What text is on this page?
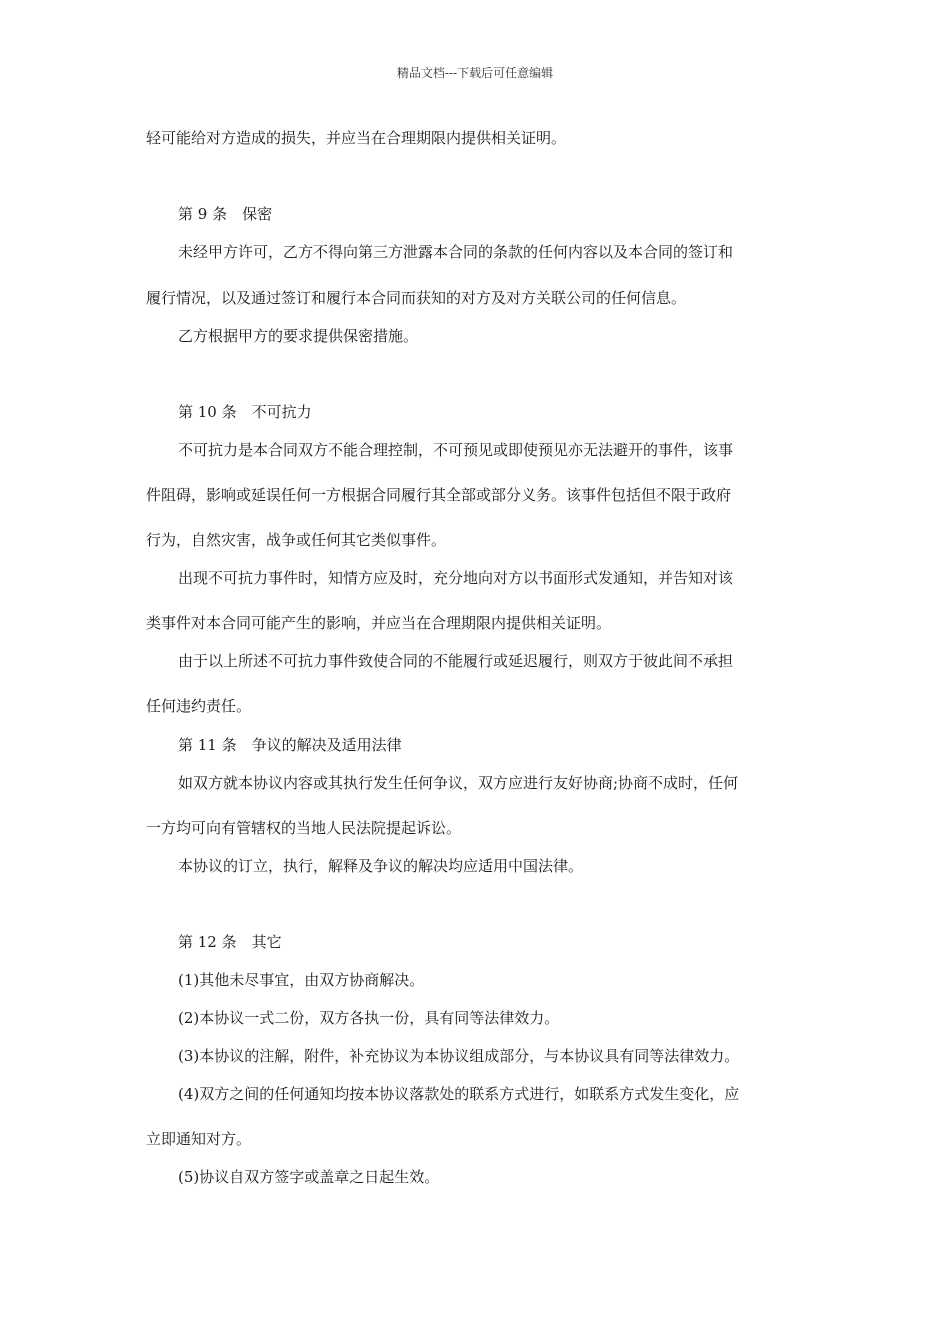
精品文档---下载后可任意编辑
轻可能给对方造成的损失，并应当在合理期限内提供相关证明。
第 9 条　保密
未经甲方许可，乙方不得向第三方泄露本合同的条款的任何内容以及本合同的签订和
履行情况，以及通过签订和履行本合同而获知的对方及对方关联公司的任何信息。
乙方根据甲方的要求提供保密措施。
第 10 条　不可抗力
不可抗力是本合同双方不能合理控制，不可预见或即使预见亦无法避开的事件，该事
件阻碍，影响或延误任何一方根据合同履行其全部或部分义务。该事件包括但不限于政府
行为，自然灾害，战争或任何其它类似事件。
出现不可抗力事件时，知情方应及时，充分地向对方以书面形式发通知，并告知对该
类事件对本合同可能产生的影响，并应当在合理期限内提供相关证明。
由于以上所述不可抗力事件致使合同的不能履行或延迟履行，则双方于彼此间不承担
任何违约责任。
第 11 条　争议的解决及适用法律
如双方就本协议内容或其执行发生任何争议，双方应进行友好协商;协商不成时，任何
一方均可向有管辖权的当地人民法院提起诉讼。
本协议的订立，执行，解释及争议的解决均应适用中国法律。
第 12 条　其它
(1)其他未尽事宜，由双方协商解决。
(2)本协议一式二份，双方各执一份，具有同等法律效力。
(3)本协议的注解，附件，补充协议为本协议组成部分，与本协议具有同等法律效力。
(4)双方之间的任何通知均按本协议落款处的联系方式进行，如联系方式发生变化，应
立即通知对方。
(5)协议自双方签字或盖章之日起生效。
